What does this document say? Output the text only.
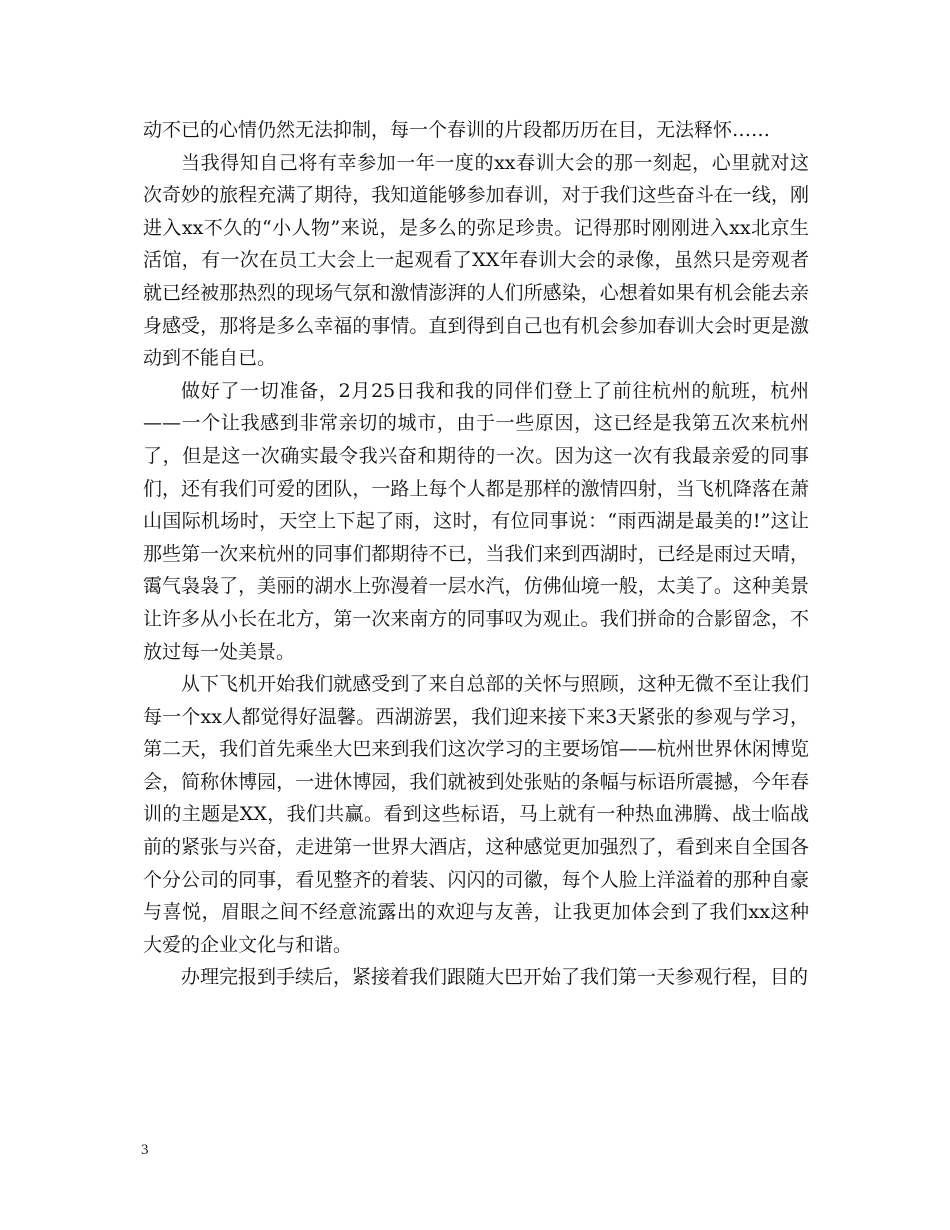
动不已的心情仍然无法抑制，每一个春训的片段都历历在目，无法释怀……

当我得知自己将有幸参加一年一度的xx春训大会的那一刻起，心里就对这次奇妙的旅程充满了期待，我知道能够参加春训，对于我们这些奋斗在一线，刚进入xx不久的“小人物”来说，是多么的弥足珍贵。记得那时刚刚进入xx北京生活馆，有一次在员工大会上一起观看了XX年春训大会的录像，虽然只是旁观者就已经被那热烈的现场气氛和激情澎湃的人们所感染，心想着如果有机会能去亲身感受，那将是多么幸福的事情。直到得到自己也有机会参加春训大会时更是激动到不能自已。

做好了一切准备，2月25日我和我的同伴们登上了前往杭州的航班，杭州——一个让我感到非常亲切的城市，由于一些原因，这已经是我第五次来杭州了，但是这一次确实最令我兴奋和期待的一次。因为这一次有我最亲爱的同事们，还有我们可爱的团队，一路上每个人都是那样的激情四射，当飞机降落在萧山国际机场时，天空上下起了雨，这时，有位同事说：“雨西湖是最美的!”这让那些第一次来杭州的同事们都期待不已，当我们来到西湖时，已经是雨过天晴，霭气袅袅了，美丽的湖水上弥漫着一层水汽，仿佛仙境一般，太美了。这种美景让许多从小长在北方，第一次来南方的同事叹为观止。我们拼命的合影留念，不放过每一处美景。

从下飞机开始我们就感受到了来自总部的关怀与照顾，这种无微不至让我们每一个xx人都觉得好温馨。西湖游罢，我们迎来接下来3天紧张的参观与学习，第二天，我们首先乘坐大巴来到我们这次学习的主要场馆——杭州世界休闲博览会，简称休博园，一进休博园，我们就被到处张贴的条幅与标语所震撼，今年春训的主题是XX，我们共赢。看到这些标语，马上就有一种热血沸腾、战士临战前的紧张与兴奋，走进第一世界大酒店，这种感觉更加强烈了，看到来自全国各个分公司的同事，看见整齐的着装、闪闪的司徽，每个人脸上洋溢着的那种自豪与喜悦，眉眼之间不经意流露出的欢迎与友善，让我更加体会到了我们xx这种大爱的企业文化与和谐。

办理完报到手续后，紧接着我们跟随大巴开始了我们第一天参观行程，目的

3
